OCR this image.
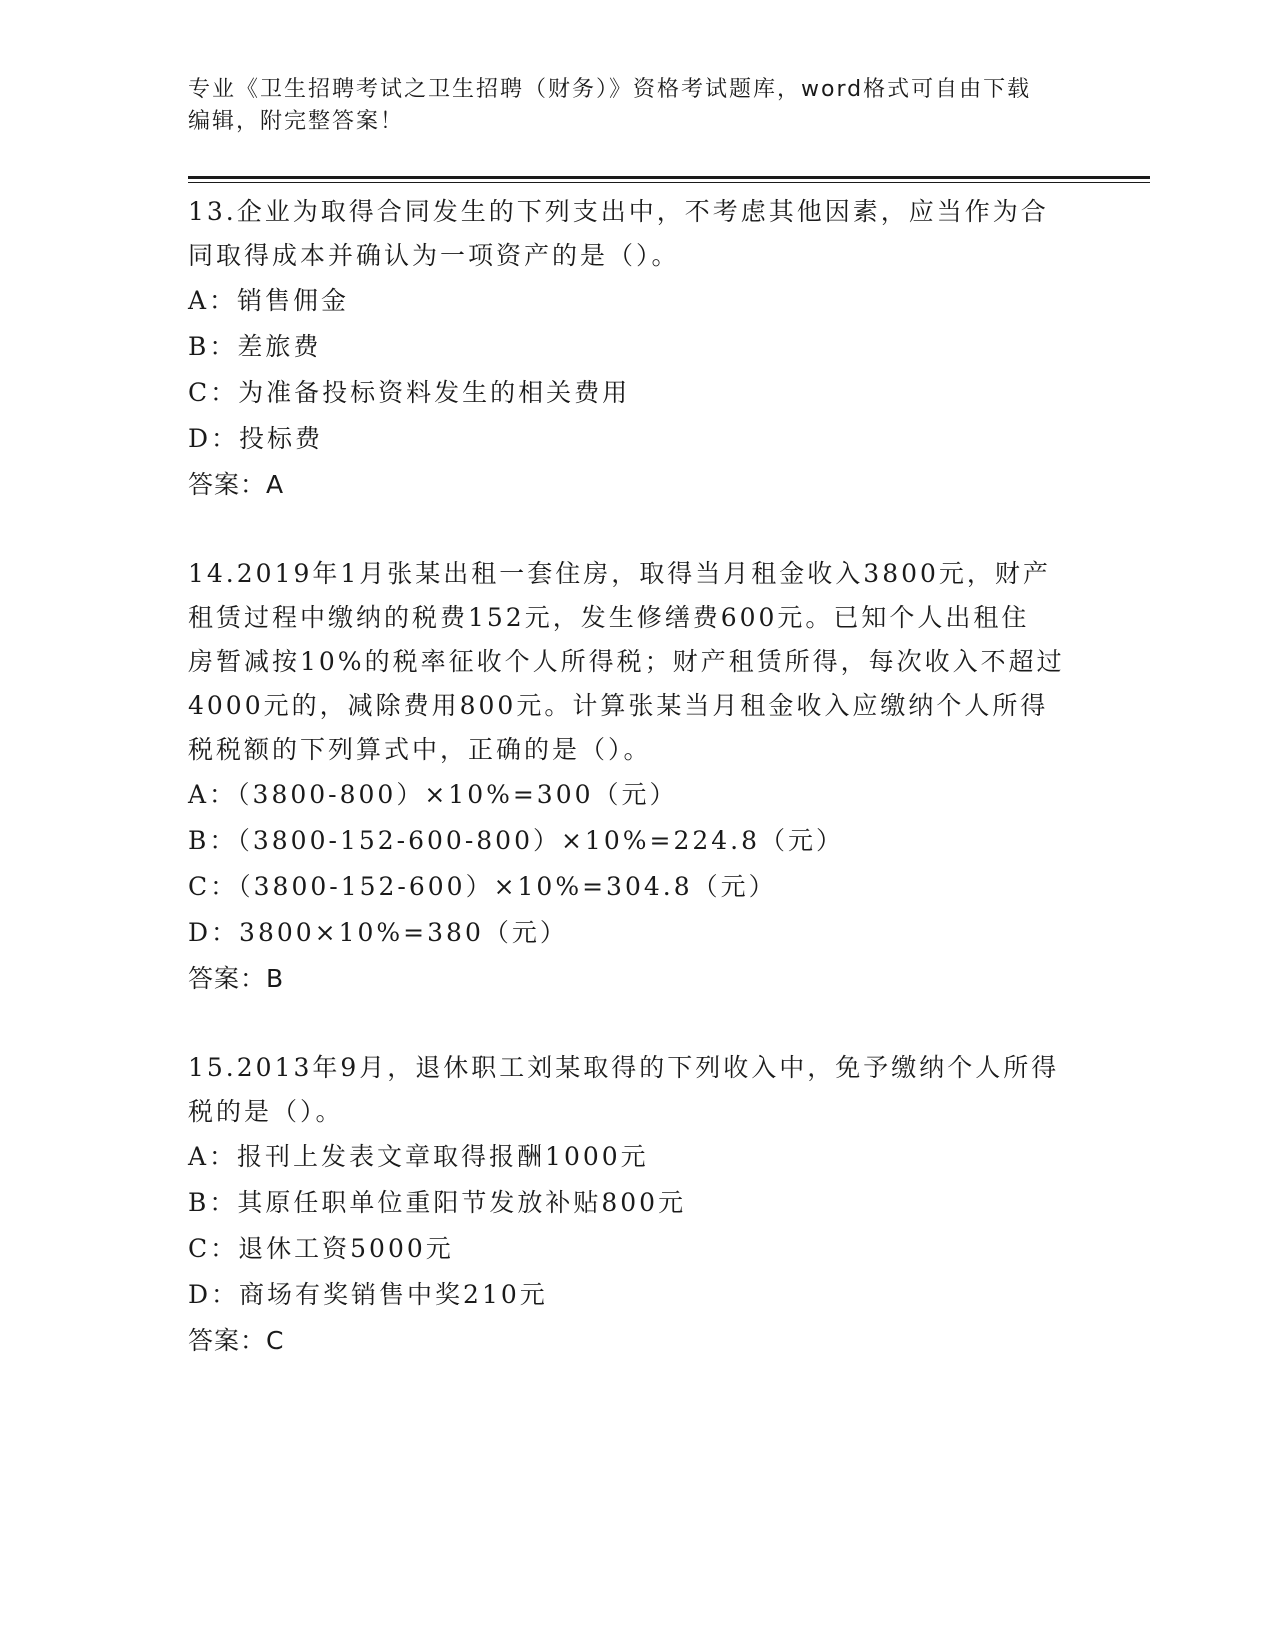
专业《卫生招聘考试之卫生招聘（财务）》资格考试题库，word格式可自由下载
编辑，附完整答案！
13.企业为取得合同发生的下列支出中，不考虑其他因素，应当作为合
同取得成本并确认为一项资产的是（）。
A：销售佣金
B：差旅费
C：为准备投标资料发生的相关费用
D：投标费
答案：A
14.2019年1月张某出租一套住房，取得当月租金收入3800元，财产
租赁过程中缴纳的税费152元，发生修缮费600元。已知个人出租住
房暂减按10%的税率征收个人所得税；财产租赁所得，每次收入不超过
4000元的，减除费用800元。计算张某当月租金收入应缴纳个人所得
税税额的下列算式中，正确的是（）。
A：（3800-800）×10%=300（元）
B：（3800-152-600-800）×10%=224.8（元）
C：（3800-152-600）×10%=304.8（元）
D：3800×10%=380（元）
答案：B
15.2013年9月，退休职工刘某取得的下列收入中，免予缴纳个人所得
税的是（）。
A：报刊上发表文章取得报酬1000元
B：其原任职单位重阳节发放补贴800元
C：退休工资5000元
D：商场有奖销售中奖210元
答案：C
